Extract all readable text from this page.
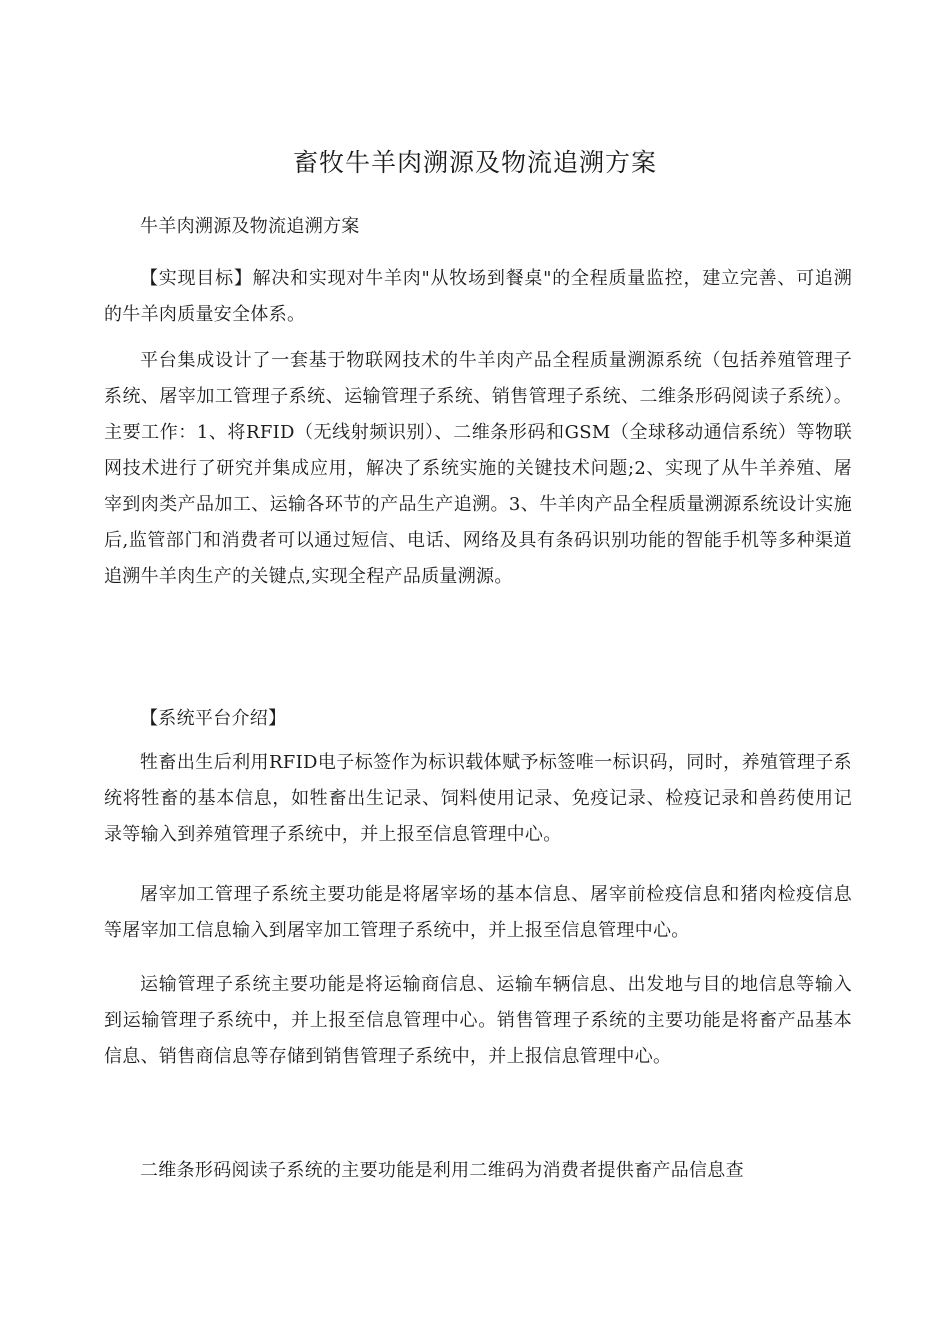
畜牧牛羊肉溯源及物流追溯方案

牛羊肉溯源及物流追溯方案

【实现目标】解决和实现对牛羊肉"从牧场到餐桌"的全程质量监控，建立完善、可追溯的牛羊肉质量安全体系。

平台集成设计了一套基于物联网技术的牛羊肉产品全程质量溯源系统（包括养殖管理子系统、屠宰加工管理子系统、运输管理子系统、销售管理子系统、二维条形码阅读子系统）。主要工作：1、将RFID（无线射频识别）、二维条形码和GSM（全球移动通信系统）等物联网技术进行了研究并集成应用，解决了系统实施的关键技术问题;2、实现了从牛羊养殖、屠宰到肉类产品加工、运输各环节的产品生产追溯。3、牛羊肉产品全程质量溯源系统设计实施后,监管部门和消费者可以通过短信、电话、网络及具有条码识别功能的智能手机等多种渠道追溯牛羊肉生产的关键点,实现全程产品质量溯源。

【系统平台介绍】

牲畜出生后利用RFID电子标签作为标识载体赋予标签唯一标识码，同时，养殖管理子系统将牲畜的基本信息，如牲畜出生记录、饲料使用记录、免疫记录、检疫记录和兽药使用记录等输入到养殖管理子系统中，并上报至信息管理中心。

屠宰加工管理子系统主要功能是将屠宰场的基本信息、屠宰前检疫信息和猪肉检疫信息等屠宰加工信息输入到屠宰加工管理子系统中，并上报至信息管理中心。

运输管理子系统主要功能是将运输商信息、运输车辆信息、出发地与目的地信息等输入到运输管理子系统中，并上报至信息管理中心。销售管理子系统的主要功能是将畜产品基本信息、销售商信息等存储到销售管理子系统中，并上报信息管理中心。

二维条形码阅读子系统的主要功能是利用二维码为消费者提供畜产品信息查
